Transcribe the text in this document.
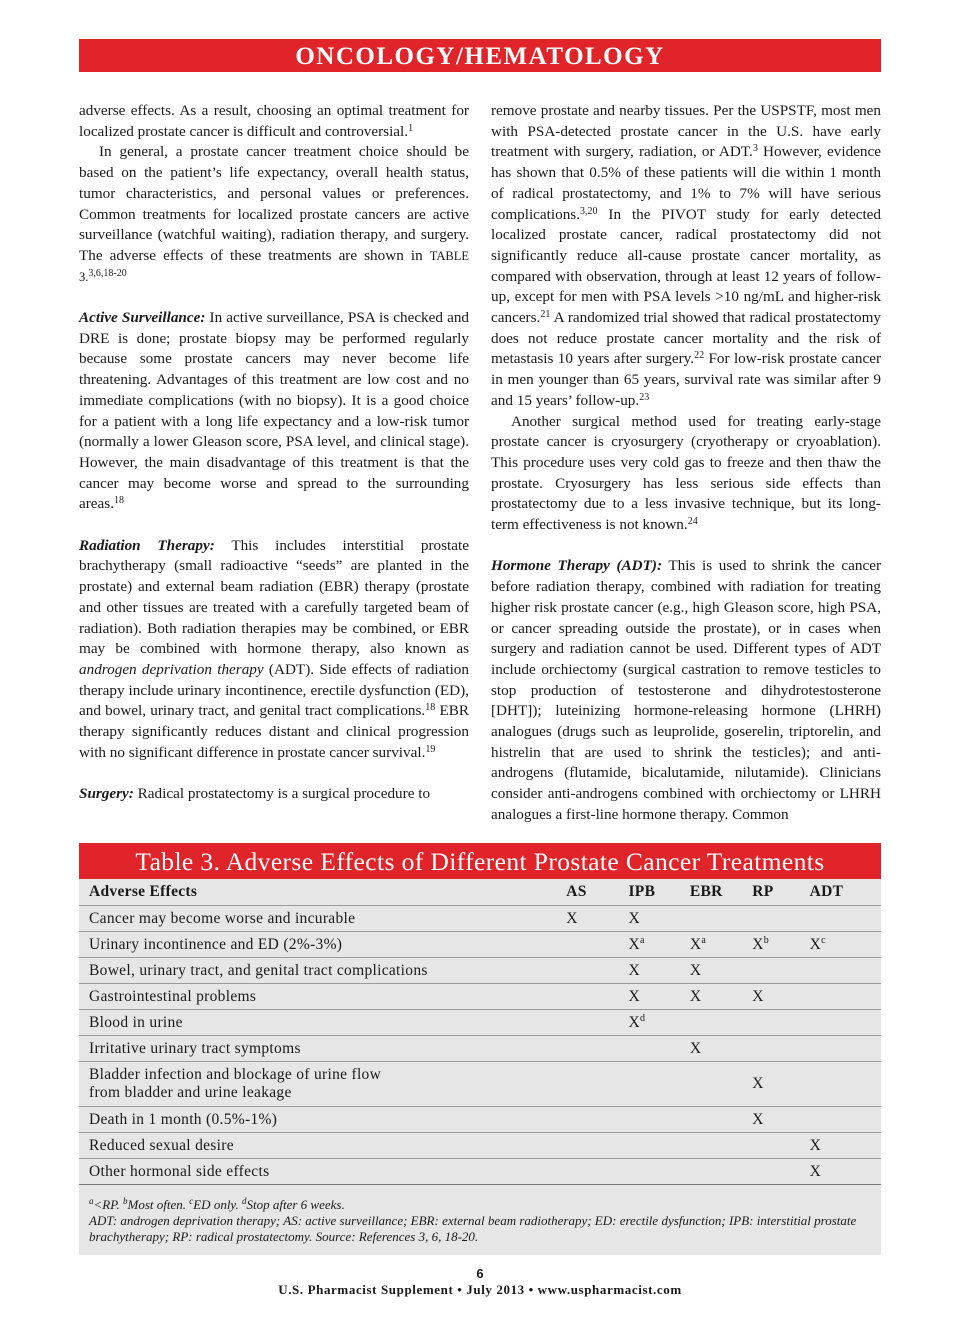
ONCOLOGY/HEMATOLOGY

adverse effects. As a result, choosing an optimal treatment for localized prostate cancer is difficult and controversial.$^1$

In general, a prostate cancer treatment choice should be based on the patient’s life expectancy, overall health status, tumor characteristics, and personal values or preferences. Common treatments for localized prostate cancers are active surveillance (watchful waiting), radiation therapy, and surgery. The adverse effects of these treatments are shown in TABLE 3.$^{3,6,18-20}$

Active Surveillance: In active surveillance, PSA is checked and DRE is done; prostate biopsy may be performed regularly because some prostate cancers may never become life threatening. Advantages of this treatment are low cost and no immediate complications (with no biopsy). It is a good choice for a patient with a long life expectancy and a low-risk tumor (normally a lower Gleason score, PSA level, and clinical stage). However, the main disadvantage of this treatment is that the cancer may become worse and spread to the surrounding areas.$^{18}$

Radiation Therapy: This includes interstitial prostate brachytherapy (small radioactive “seeds” are planted in the prostate) and external beam radiation (EBR) therapy (prostate and other tissues are treated with a carefully targeted beam of radiation). Both radiation therapies may be combined, or EBR may be combined with hormone therapy, also known as androgen deprivation therapy (ADT). Side effects of radiation therapy include urinary incontinence, erectile dysfunction (ED), and bowel, urinary tract, and genital tract complications.$^{18}$ EBR therapy significantly reduces distant and clinical progression with no significant difference in prostate cancer survival.$^{19}$

Surgery: Radical prostatectomy is a surgical procedure to

remove prostate and nearby tissues. Per the USPSTF, most men with PSA-detected prostate cancer in the U.S. have early treatment with surgery, radiation, or ADT.$^3$ However, evidence has shown that 0.5% of these patients will die within 1 month of radical prostatectomy, and 1% to 7% will have serious complications.$^{3,20}$ In the PIVOT study for early detected localized prostate cancer, radical prostatectomy did not significantly reduce all-cause prostate cancer mortality, as compared with observation, through at least 12 years of follow-up, except for men with PSA levels >10 ng/mL and higher-risk cancers.$^{21}$ A randomized trial showed that radical prostatectomy does not reduce prostate cancer mortality and the risk of metastasis 10 years after surgery.$^{22}$ For low-risk prostate cancer in men younger than 65 years, survival rate was similar after 9 and 15 years’ follow-up.$^{23}$

Another surgical method used for treating early-stage prostate cancer is cryosurgery (cryotherapy or cryoablation). This procedure uses very cold gas to freeze and then thaw the prostate. Cryosurgery has less serious side effects than prostatectomy due to a less invasive technique, but its long-term effectiveness is not known.$^{24}$

Hormone Therapy (ADT): This is used to shrink the cancer before radiation therapy, combined with radiation for treating higher risk prostate cancer (e.g., high Gleason score, high PSA, or cancer spreading outside the prostate), or in cases when surgery and radiation cannot be used. Different types of ADT include orchiectomy (surgical castration to remove testicles to stop production of testosterone and dihydrotestosterone [DHT]); luteinizing hormone-releasing hormone (LHRH) analogues (drugs such as leuprolide, goserelin, triptorelin, and histrelin that are used to shrink the testicles); and anti-androgens (flutamide, bicalutamide, nilutamide). Clinicians consider anti-androgens combined with orchiectomy or LHRH analogues a first-line hormone therapy. Common

Table 3. Adverse Effects of Different Prostate Cancer Treatments
Adverse Effects	AS	IPB	EBR	RP	ADT
Cancer may become worse and incurable	X	X			
Urinary incontinence and ED (2%-3%)		$X^a$	$X^a$	$X^b$	$X^c$
Bowel, urinary tract, and genital tract complications		X	X		
Gastrointestinal problems		X	X	X	
Blood in urine		$X^d$			
Irritative urinary tract symptoms			X		
Bladder infection and blockage of urine flow
from bladder and urine leakage				X	
Death in 1 month (0.5%-1%)				X	
Reduced sexual desire					X
Other hormonal side effects					X

$^a$<RP. $^b$Most often. $^c$ED only. $^d$Stop after 6 weeks.

ADT: androgen deprivation therapy; AS: active surveillance; EBR: external beam radiotherapy; ED: erectile dysfunction; IPB: interstitial prostate brachytherapy; RP: radical prostatectomy. Source: References 3, 6, 18-20.

6
U.S. Pharmacist Supplement • July 2013 • www.uspharmacist.com
